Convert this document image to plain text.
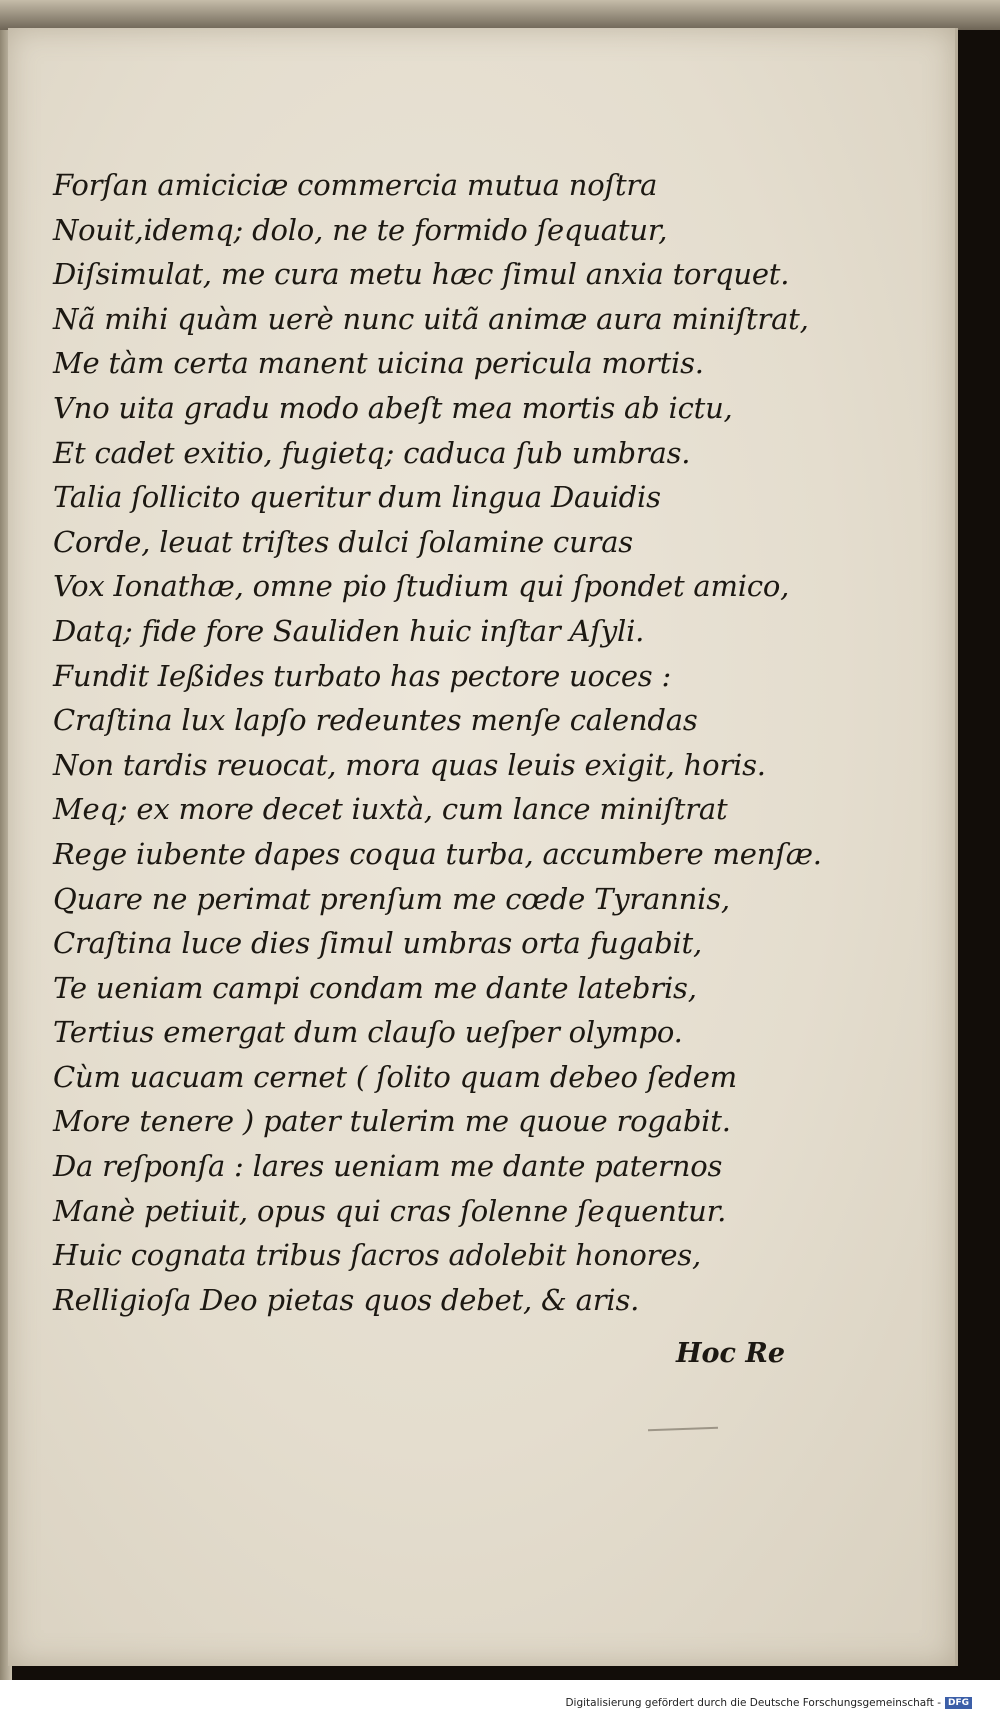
Forſan amiciciæ commercia mutua noſtra
Nouit,idemq; dolo, ne te formido ſequatur,
Diſsimulat, me cura metu hæc ſimul anxia torquet.
Nã mihi quàm uerè nunc uitã animæ aura miniſtrat,
Me tàm certa manent uicina pericula mortis.
Vno uita gradu modo abeſt mea mortis ab ictu,
Et cadet exitio, fugietq; caduca ſub umbras.
Talia ſollicito queritur dum lingua Dauidis
Corde, leuat triſtes dulci ſolamine curas
Vox Ionathæ, omne pio ſtudium qui ſpondet amico,
Datq; fide fore Sauliden huic inſtar Aſyli.
Fundit Ießides turbato has pectore uoces :
Craſtina lux lapſo redeuntes menſe calendas
Non tardis reuocat, mora quas leuis exigit, horis.
Meq; ex more decet iuxtà, cum lance miniſtrat
Rege iubente dapes coqua turba, accumbere menſæ.
Quare ne perimat prenſum me cœde Tyrannis,
Craſtina luce dies ſimul umbras orta fugabit,
Te ueniam campi condam me dante latebris,
Tertius emergat dum clauſo ueſper olympo.
Cùm uacuam cernet ( ſolito quam debeo ſedem
More tenere ) pater tulerim me quoue rogabit.
Da reſponſa : lares ueniam me dante paternos
Manè petiuit, opus qui cras ſolenne ſequentur.
Huic cognata tribus ſacros adolebit honores,
Relligioſa Deo pietas quos debet, & aris.
Hoc Re
Digitalisierung gefördert durch die Deutsche Forschungsgemeinschaft - DFG
